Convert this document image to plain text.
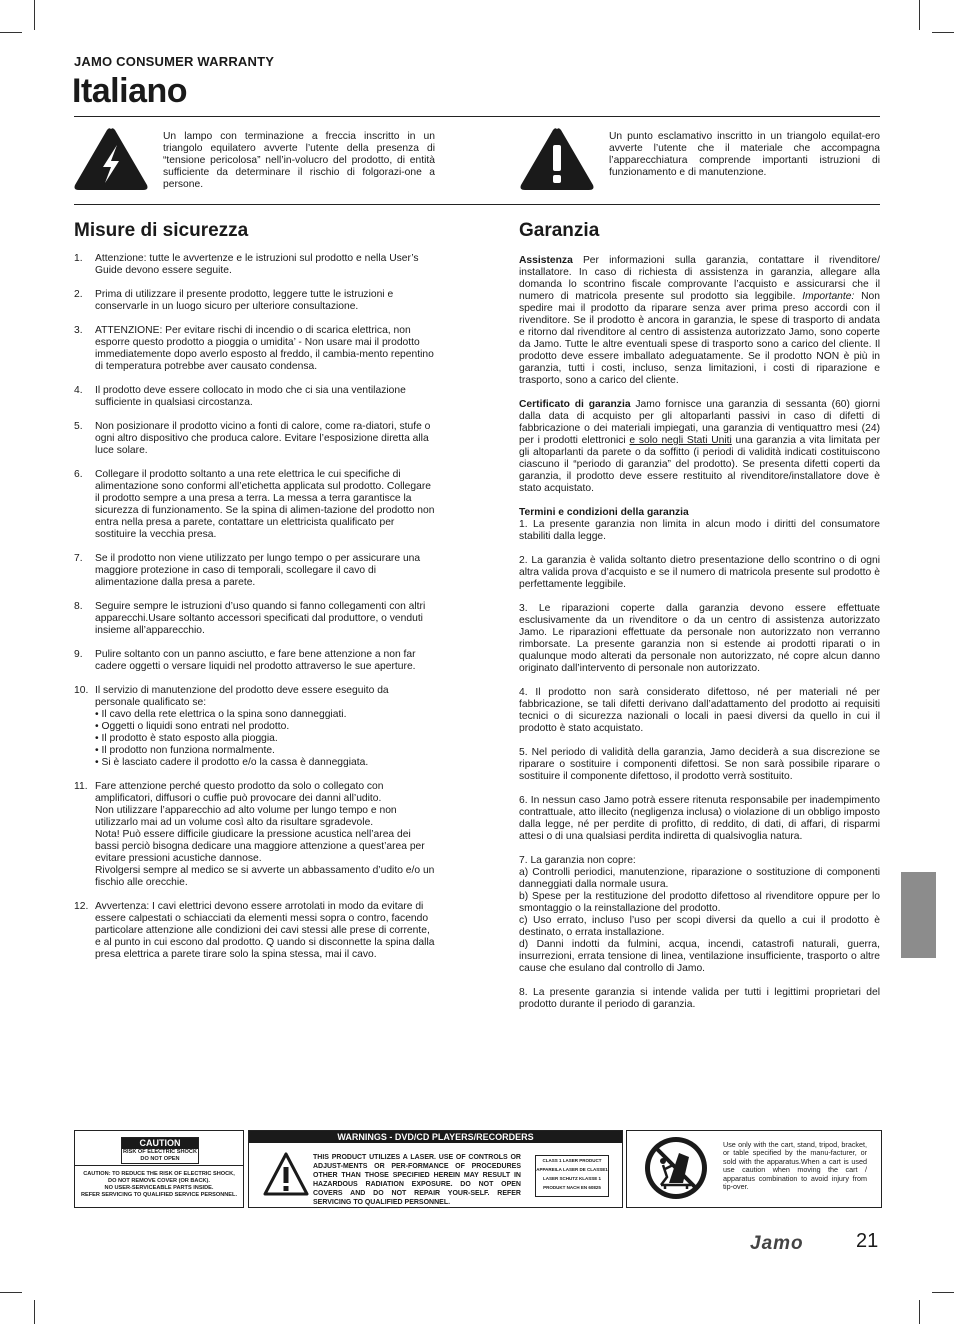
JAMO CONSUMER WARRANTY
Italiano
Un lampo con terminazione a freccia inscritto in un triangolo equilatero avverte l’utente della presenza di “tensione pericolosa” nell’in-volucro del prodotto, di entità sufficiente da determinare il rischio di folgorazi-one a persone.
Un punto esclamativo inscritto in un triangolo equilat-ero avverte l’utente che il materiale che accompagna l’apparecchiatura comprende importanti istruzioni di funzionamento e di manutenzione.
Misure di sicurezza
1. Attenzione: tutte le avvertenze e le istruzioni sul prodotto e nella User’s Guide devono essere seguite.
2. Prima di utilizzare il presente prodotto, leggere tutte le istruzioni e conservarle in un luogo sicuro per ulteriore consultazione.
3. ATTENZIONE: Per evitare rischi di incendio o di scarica elettrica, non esporre questo prodotto a pioggia o umidita’ - Non usare mai il prodotto immediatemente dopo averlo esposto al freddo, il cambia-mento repentino di temperatura potrebbe aver causato condensa.
4. Il prodotto deve essere collocato in modo che ci sia una ventilazione sufficiente in qualsiasi circostanza.
5. Non posizionare il prodotto vicino a fonti di calore, come ra-diatori, stufe o ogni altro dispositivo che produca calore. Evitare l’esposizione diretta alla luce solare.
6. Collegare il prodotto soltanto a una rete elettrica le cui specifiche di alimentazione sono conformi all’etichetta applicata sul prodotto. Collegare il prodotto sempre a una presa a terra. La messa a terra garantisce la sicurezza di funzionamento. Se la spina di alimen-tazione del prodotto non entra nella presa a parete, contattare un elettricista qualificato per sostituire la vecchia presa.
7. Se il prodotto non viene utilizzato per lungo tempo o per assicurare una maggiore protezione in caso di temporali, scollegare il cavo di alimentazione dalla presa a parete.
8. Seguire sempre le istruzioni d’uso quando si fanno collegamenti con altri apparecchi.Usare soltanto accessori specificati dal produttore, o venduti insieme all’apparecchio.
9. Pulire soltanto con un panno asciutto, e fare bene attenzione a non far cadere oggetti o versare liquidi nel prodotto attraverso le sue aperture.
10. Il servizio di manutenzione del prodotto deve essere eseguito da personale qualificato se:
• Il cavo della rete elettrica o la spina sono danneggiati.
• Oggetti o liquidi sono entrati nel prodotto.
• Il prodotto è stato esposto alla pioggia.
• Il prodotto non funziona normalmente.
• Si è lasciato cadere il prodotto e/o la cassa è danneggiata.
11. Fare attenzione perché questo prodotto da solo o collegato con amplificatori, diffusori o cuffie può provocare dei danni all’udito.
Non utilizzare l’apparecchio ad alto volume per lungo tempo e non utilizzarlo mai ad un volume così alto da risultare sgradevole.
Nota! Può essere difficile giudicare la pressione acustica nell’area dei bassi perciò bisogna dedicare una maggiore attenzione a quest’area per evitare pressioni acustiche dannose.
Rivolgersi sempre al medico se si avverte un abbassamento d’udito e/o un fischio alle orecchie.
12. Avvertenza: I cavi elettrici devono essere arrotolati in modo da evitare di essere calpestati o schiacciati da elementi messi sopra o contro, facendo particolare attenzione alle condizioni dei cavi stessi alle prese di corrente, e al punto in cui escono dal prodotto. Q uando si disconnette la spina dalla presa elettrica a parete tirare solo la spina stessa, mai il cavo.
Garanzia

Assistenza Per informazioni sulla garanzia, contattare il rivenditore/ installatore. In caso di richiesta di assistenza in garanzia, allegare alla domanda lo scontrino fiscale comprovante l’acquisto e assicurarsi che il numero di matricola presente sul prodotto sia leggibile. Importante: Non spedire mai il prodotto da riparare senza aver prima preso accordi con il rivenditore. Se il prodotto è ancora in garanzia, le spese di trasporto di andata e ritorno dal rivenditore al centro di assistenza autorizzato Jamo, sono coperte da Jamo. Tutte le altre eventuali spese di trasporto sono a carico del cliente. Il prodotto deve essere imballato adeguatamente. Se il prodotto NON è più in garanzia, tutti i costi, incluso, senza limitazioni, i costi di riparazione e trasporto, sono a carico del cliente.

Certificato di garanzia Jamo fornisce una garanzia di sessanta (60) giorni dalla data di acquisto per gli altoparlanti passivi in caso di difetti di fabbricazione o dei materiali impiegati, una garanzia di ventiquattro mesi (24) per i prodotti elettronici e solo negli Stati Uniti una garanzia a vita limitata per gli altoparlanti da parete o da soffitto (i periodi di validità indicati costituiscono ciascuno il “periodo di garanzia” del prodotto). Se presenta difetti coperti da garanzia, il prodotto deve essere restituito al rivenditore/installatore dove è stato acquistato.

Termini e condizioni della garanzia

1. La presente garanzia non limita in alcun modo i diritti del consumatore stabiliti dalla legge.

2. La garanzia è valida soltanto dietro presentazione dello scontrino o di ogni altra valida prova d’acquisto e se il numero di matricola presente sul prodotto è perfettamente leggibile.

3. Le riparazioni coperte dalla garanzia devono essere effettuate esclusivamente da un rivenditore o da un centro di assistenza autorizzato Jamo. Le riparazioni effettuate da personale non autorizzato non verranno rimborsate. La presente garanzia non si estende ai prodotti riparati o in qualunque modo alterati da personale non autorizzato, né copre alcun danno originato dall’intervento di personale non autorizzato.

4. Il prodotto non sarà considerato difettoso, né per materiali né per fabbricazione, se tali difetti derivano dall’adattamento del prodotto ai requisiti tecnici o di sicurezza nazionali o locali in paesi diversi da quello in cui il prodotto è stato acquistato.

5. Nel periodo di validità della garanzia, Jamo deciderà a sua discrezione se riparare o sostituire i componenti difettosi. Se non sarà possibile riparare o sostituire il componente difettoso, il prodotto verrà sostituito.

6. In nessun caso Jamo potrà essere ritenuta responsabile per inadempimento contrattuale, atto illecito (negligenza inclusa) o violazione di un obbligo imposto dalla legge, né per perdite di profitto, di reddito, di dati, di affari, di risparmi attesi o di una qualsiasi perdita indiretta di qualsivoglia natura.

7. La garanzia non copre:
a) Controlli periodici, manutenzione, riparazione o sostituzione di componenti danneggiati dalla normale usura.
b) Spese per la restituzione del prodotto difettoso al rivenditore oppure per lo smontaggio o la reinstallazione del prodotto.
c) Uso errato, incluso l’uso per scopi diversi da quello a cui il prodotto è destinato, o errata installazione.

d) Danni indotti da fulmini, acqua, incendi, catastrofi naturali, guerra, insurrezioni, errata tensione di linea, ventilazione insufficiente, trasporto o altre cause che esulano dal controllo di Jamo.

8. La presente garanzia si intende valida per tutti i legittimi proprietari del prodotto durante il periodo di garanzia.

CAUTION
RISK OF ELECTRIC SHOCK
DO NOT OPEN
CAUTION: TO REDUCE THE RISK OF ELECTRIC SHOCK,
DO NOT REMOVE COVER (OR BACK).
NO USER-SERVICEABLE PARTS INSIDE.
REFER SERVICING TO QUALIFIED SERVICE PERSONNEL.
WARNINGS - DVD/CD PLAYERS/RECORDERS
THIS PRODUCT UTILIZES A LASER. USE OF CONTROLS OR ADJUST-MENTS OR PER-FORMANCE OF PROCEDURES OTHER THAN THOSE SPECIFIED HEREIN MAY RESULT IN HAZARDOUS RADIATION EXPOSURE. DO NOT OPEN COVERS AND DO NOT REPAIR YOUR-SELF. REFER SERVICING TO QUALIFIED PERSONNEL.
CLASS 1 LASER PRODUCT
APPAREILA LASER DE CLASSE1
LASER SCHUTZ KLASSE 1
PRODUKT NACH EN 60825
Use only with the cart, stand, tripod, bracket, or table specified by the manu-facturer, or sold with the apparatus.When a cart is used use caution when moving the cart / apparatus combination to avoid injury from tip-over.
Jamo	21
